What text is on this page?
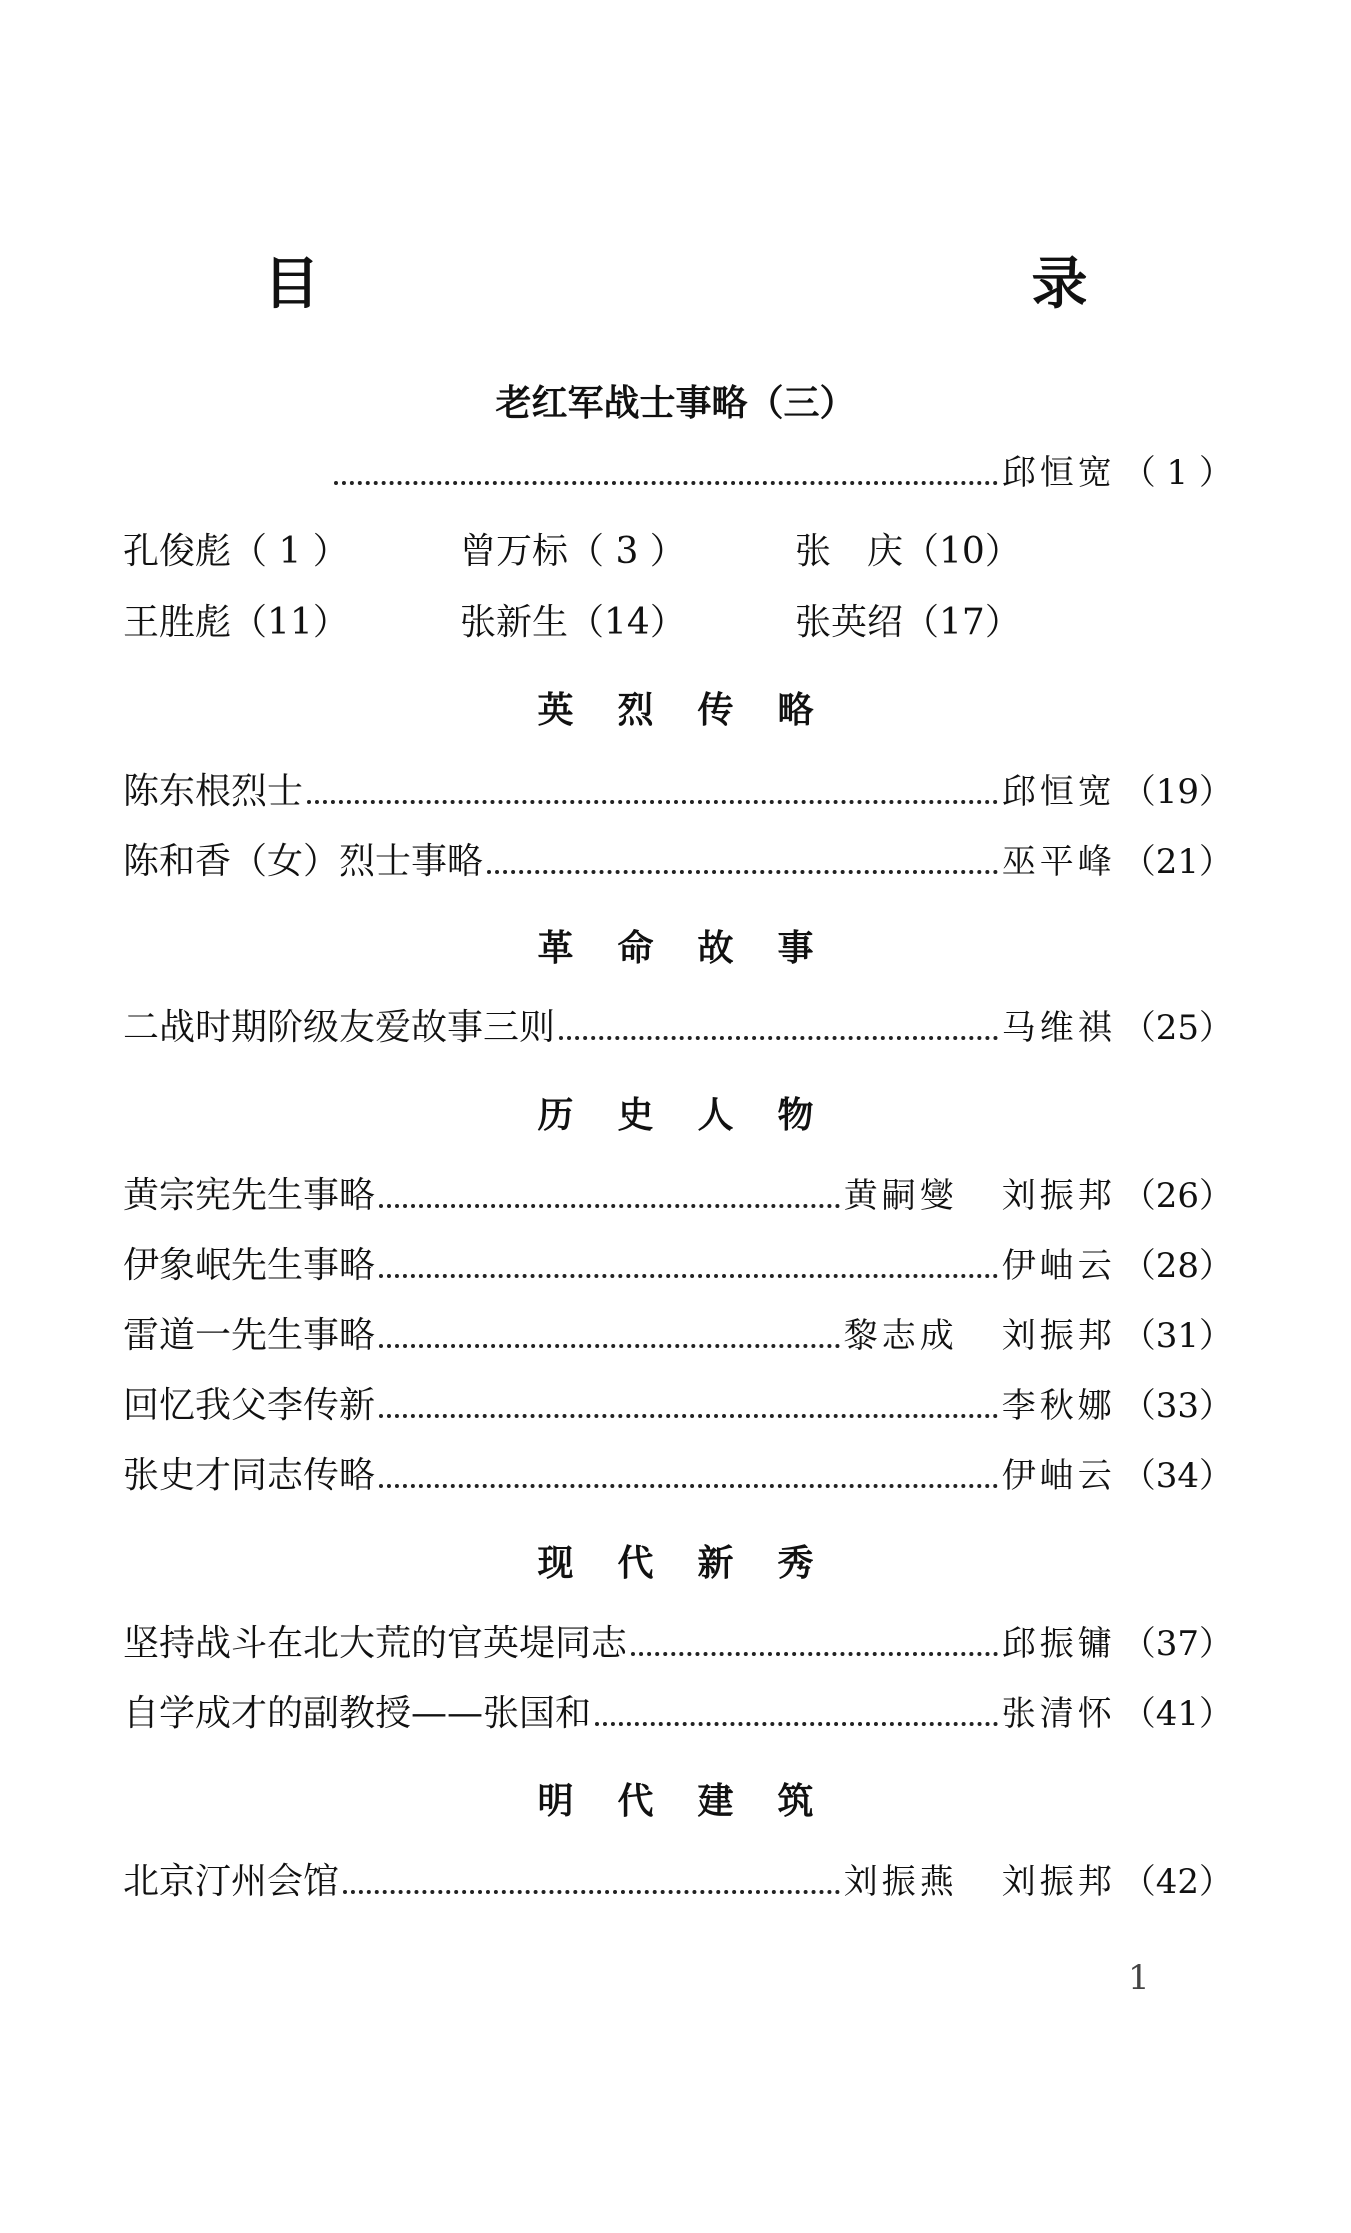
目　　录
老红军战士事略（三）
邱恒宽 （ 1 ）
孔俊彪（ 1 ）	曾万标（ 3 ）	张　庆（10）
王胜彪（11）	张新生（14）	张英绍（17）
英烈传略
陈东根烈士	邱恒宽 （19）
陈和香（女）烈士事略	巫平峰 （21）
革命故事
二战时期阶级友爱故事三则	马维祺 （25）
历史人物
黄宗宪先生事略	黄嗣燮 刘振邦 （26）
伊象岷先生事略	伊岫云 （28）
雷道一先生事略	黎志成 刘振邦 （31）
回忆我父李传新	李秋娜 （33）
张史才同志传略	伊岫云 （34）
现代新秀
坚持战斗在北大荒的官英堤同志	邱振镛 （37）
自学成才的副教授——张国和	张清怀 （41）
明代建筑
北京汀州会馆	刘振燕 刘振邦 （42）
1
